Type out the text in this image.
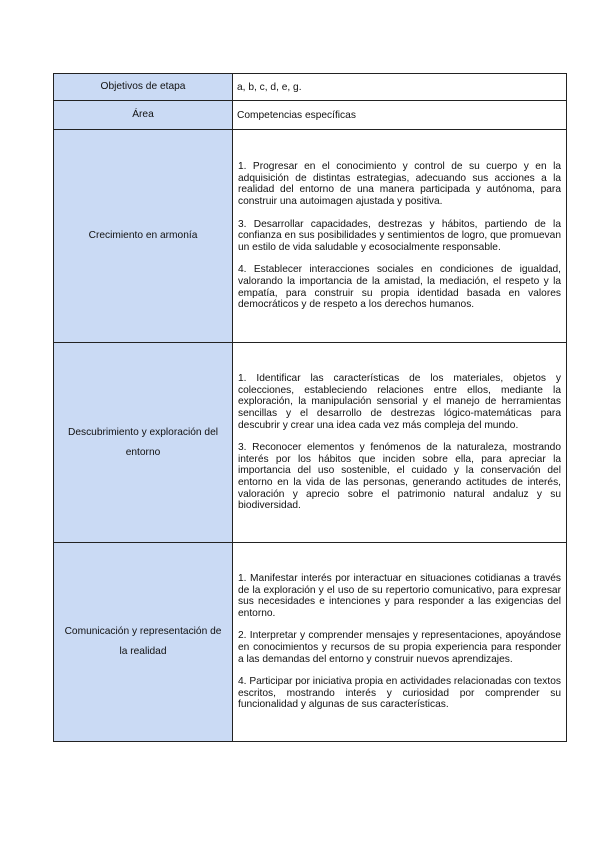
Objetivos de etapa	a, b, c, d, e, g.
Área	Competencias específicas
Crecimiento en armonía	1. Progresar en el conocimiento y control de su cuerpo y en la adquisición de distintas estrategias, adecuando sus acciones a la realidad del entorno de una manera participada y autónoma, para construir una autoimagen ajustada y positiva.

3. Desarrollar capacidades, destrezas y hábitos, partiendo de la confianza en sus posibilidades y sentimientos de logro, que promuevan un estilo de vida saludable y ecosocialmente responsable.

4. Establecer interacciones sociales en condiciones de igualdad, valorando la importancia de la amistad, la mediación, el respeto y la empatía, para construir su propia identidad basada en valores democráticos y de respeto a los derechos humanos.

Descubrimiento y exploración del entorno	1. Identificar las características de los materiales, objetos y colecciones, estableciendo relaciones entre ellos, mediante la exploración, la manipulación sensorial y el manejo de herramientas sencillas y el desarrollo de destrezas lógico-matemáticas para descubrir y crear una idea cada vez más compleja del mundo.

3. Reconocer elementos y fenómenos de la naturaleza, mostrando interés por los hábitos que inciden sobre ella, para apreciar la importancia del uso sostenible, el cuidado y la conservación del entorno en la vida de las personas, generando actitudes de interés, valoración y aprecio sobre el patrimonio natural andaluz y su biodiversidad.

Comunicación y representación de la realidad	1. Manifestar interés por interactuar en situaciones cotidianas a través de la exploración y el uso de su repertorio comunicativo, para expresar sus necesidades e intenciones y para responder a las exigencias del entorno.

2. Interpretar y comprender mensajes y representaciones, apoyándose en conocimientos y recursos de su propia experiencia para responder a las demandas del entorno y construir nuevos aprendizajes.

4. Participar por iniciativa propia en actividades relacionadas con textos escritos, mostrando interés y curiosidad por comprender su funcionalidad y algunas de sus características.
